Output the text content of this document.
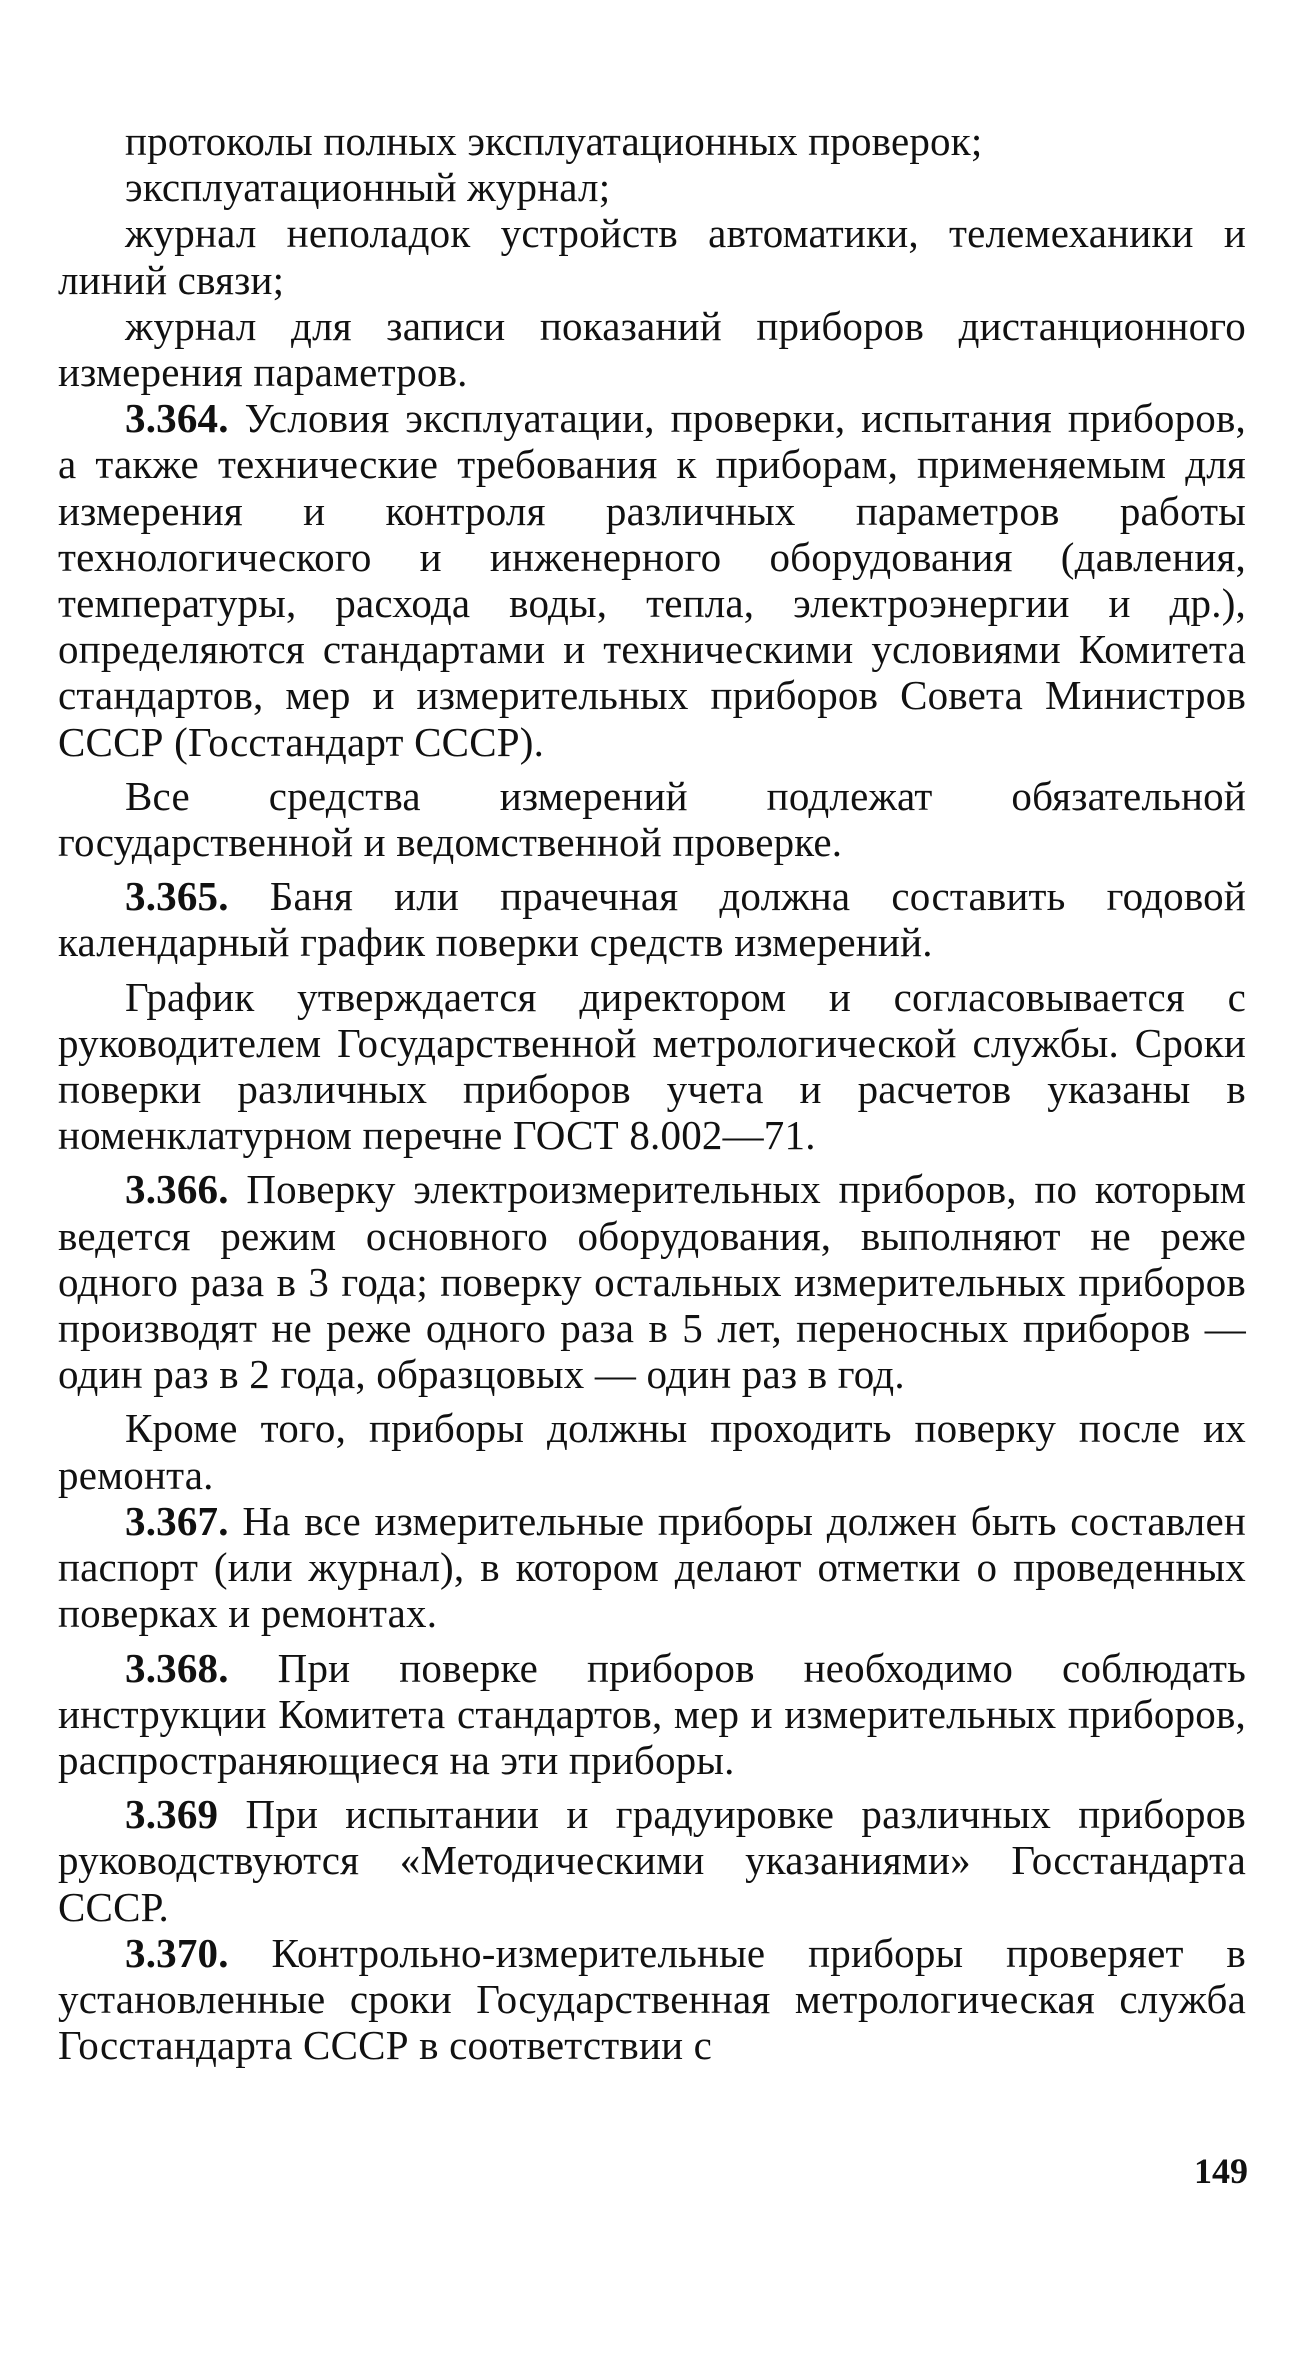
протоколы полных эксплуатационных проверок;

эксплуатационный журнал;

журнал неполадок устройств автоматики, телемеханики и линий связи;

журнал для записи показаний приборов дистанционного измерения параметров.

3.364. Условия эксплуатации, проверки, испытания приборов, а также технические требования к приборам, применяемым для измерения и контроля различных параметров работы технологического и инженерного оборудования (давления, температуры, расхода воды, тепла, электроэнергии и др.), определяются стандартами и техническими условиями Комитета стандартов, мер и измерительных приборов Совета Министров СССР (Госстандарт СССР).

Все средства измерений подлежат обязательной государственной и ведомственной проверке.

3.365. Баня или прачечная должна составить годовой календарный график поверки средств измерений.

График утверждается директором и согласовывается с руководителем Государственной метрологической службы. Сроки поверки различных приборов учета и расчетов указаны в номенклатурном перечне ГОСТ 8.002—71.

3.366. Поверку электроизмерительных приборов, по которым ведется режим основного оборудования, выполняют не реже одного раза в 3 года; поверку остальных измерительных приборов производят не реже одного раза в 5 лет, переносных приборов — один раз в 2 года, образцовых — один раз в год.

Кроме того, приборы должны проходить поверку после их ремонта.

3.367. На все измерительные приборы должен быть составлен паспорт (или журнал), в котором делают отметки о проведенных поверках и ремонтах.

3.368. При поверке приборов необходимо соблюдать инструкции Комитета стандартов, мер и измерительных приборов, распространяющиеся на эти приборы.

3.369 При испытании и градуировке различных приборов руководствуются «Методическими указаниями» Госстандарта СССР.

3.370. Контрольно-измерительные приборы проверяет в установленные сроки Государственная метрологическая служба Госстандарта СССР в соответствии с

149
